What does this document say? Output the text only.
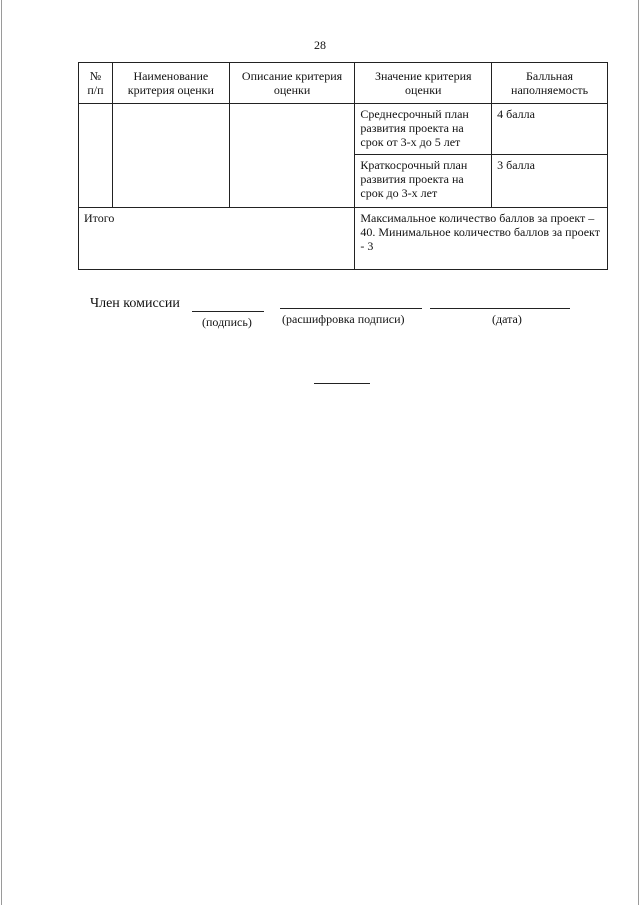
28
№ п/п	Наименование критерия оценки	Описание критерия оценки	Значение критерия оценки	Балльная наполняемость
			Среднесрочный план развития проекта на срок от 3-х до 5 лет	4 балла
			Краткосрочный план развития проекта на срок до 3-х лет	3 балла
Итого			Максимальное количество баллов за проект – 40. Минимальное количество баллов за проект - 3	
Член комиссии
(подпись)	(расшифровка подписи)	(дата)
